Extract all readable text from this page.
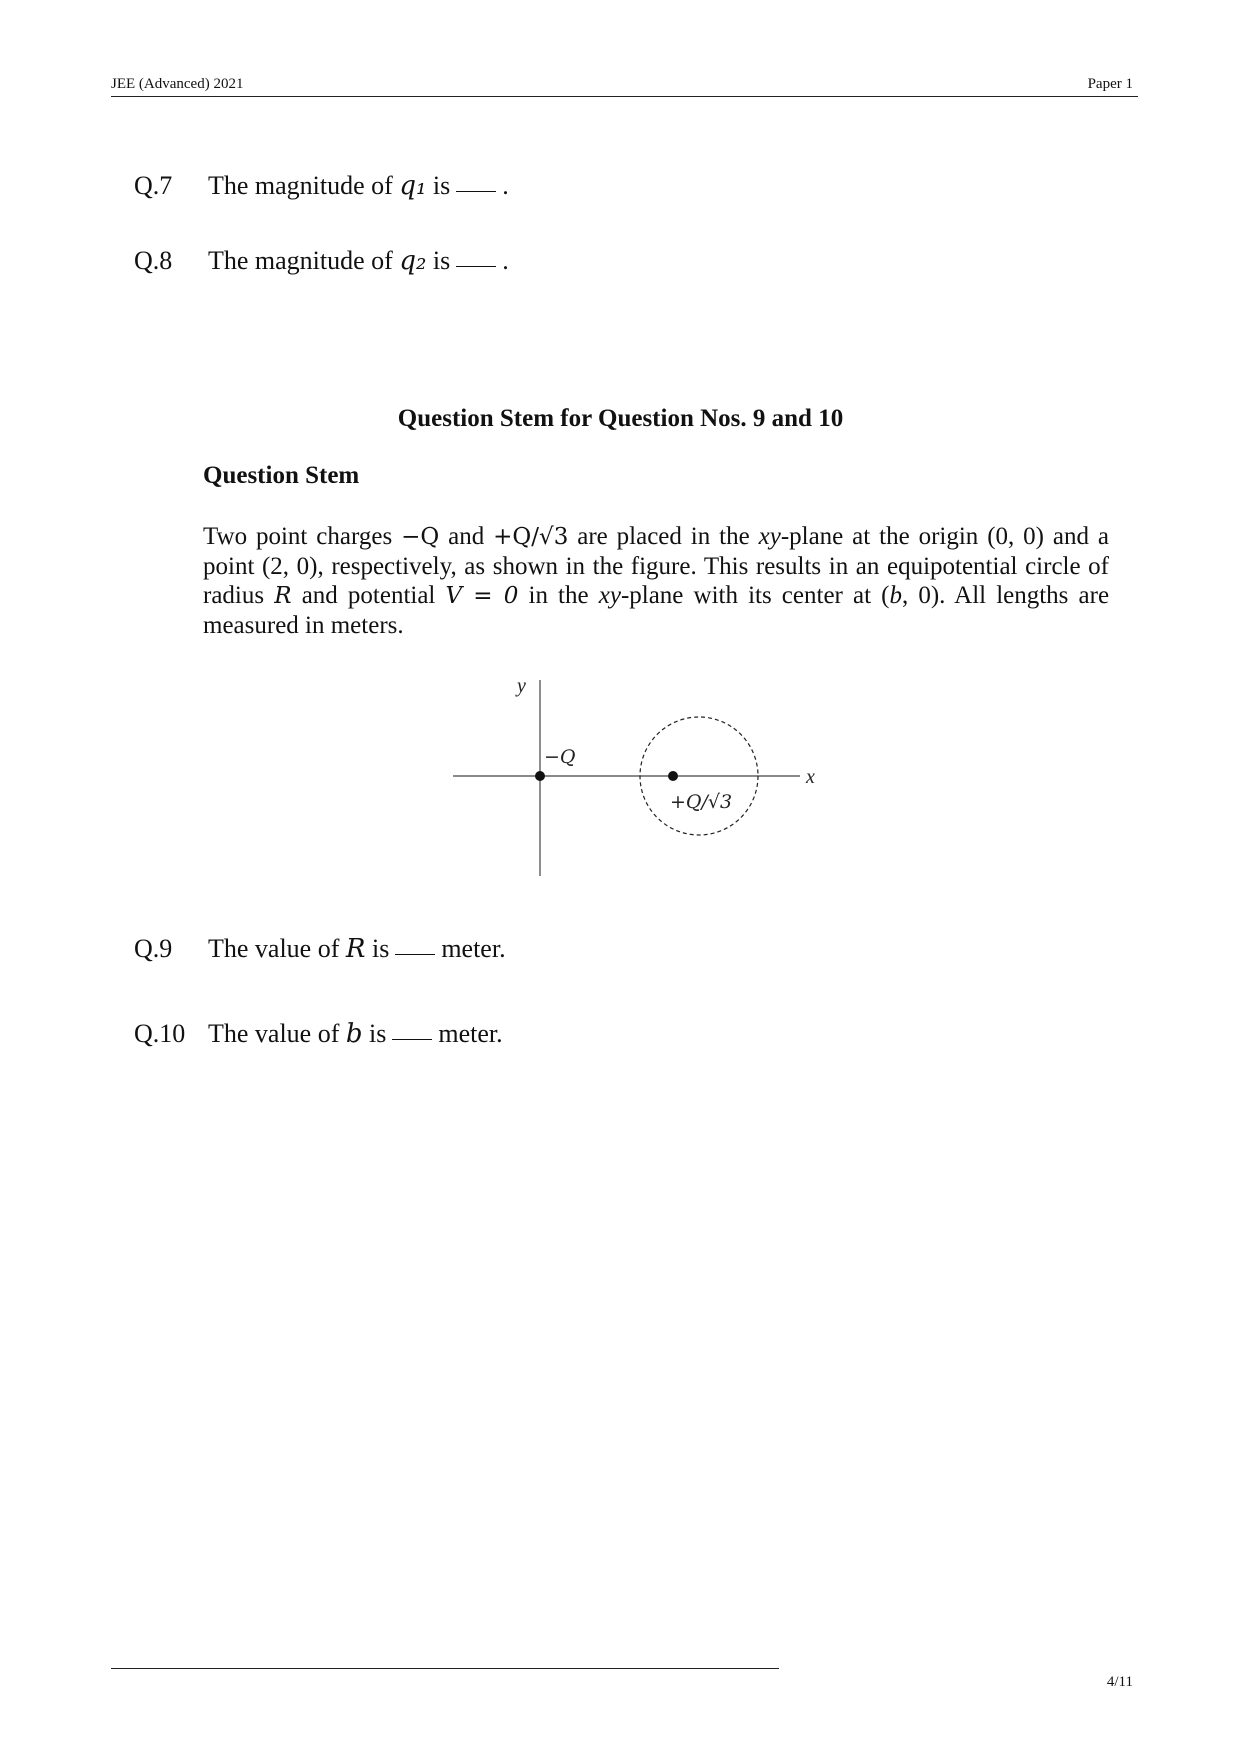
JEE (Advanced) 2021	Paper 1
Q.7 The magnitude of q₁ is .
Q.8 The magnitude of q₂ is .
Question Stem for Question Nos. 9 and 10
Question Stem
Two point charges −Q and +Q/√3 are placed in the xy-plane at the origin (0, 0) and a point (2, 0), respectively, as shown in the figure. This results in an equipotential circle of radius R and potential V = 0 in the xy-plane with its center at (b, 0). All lengths are measured in meters.
y
x
−Q
+Q/√3
Q.9 The value of R is meter.
Q.10 The value of b is meter.
4/11
